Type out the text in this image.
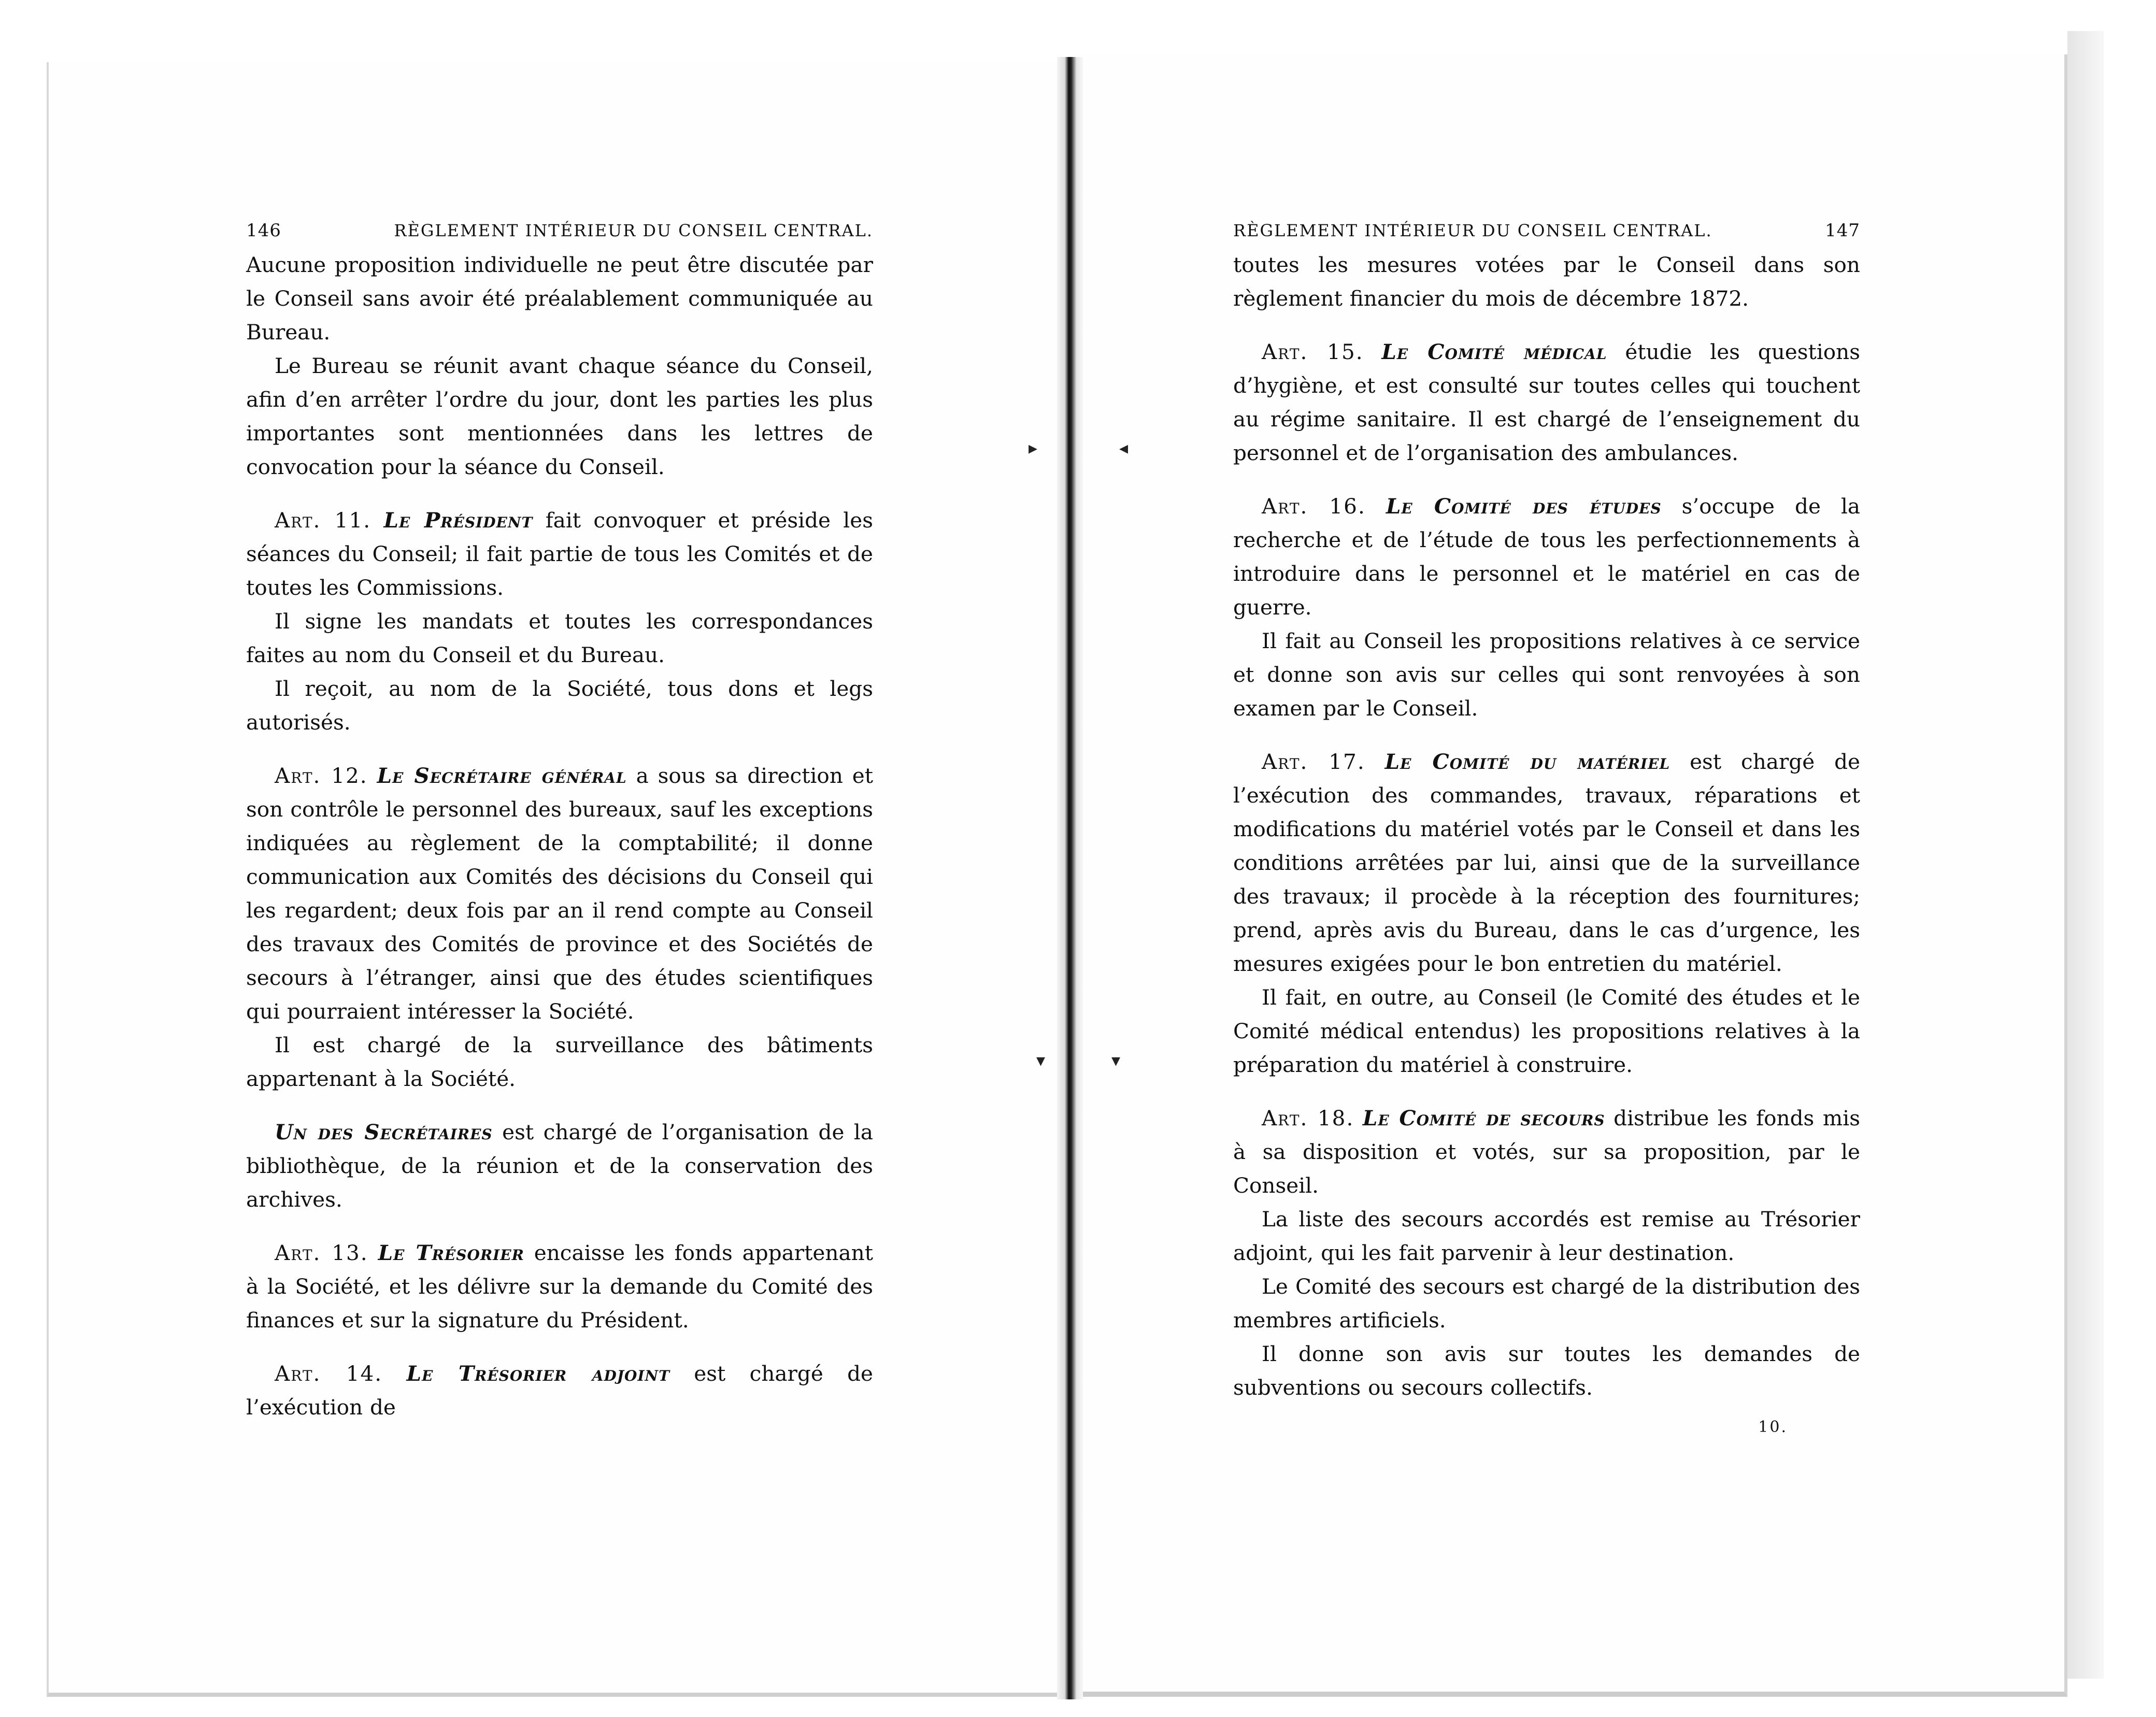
▸	◂
▾	▾
146	RÈGLEMENT INTÉRIEUR DU CONSEIL CENTRAL.

Aucune proposition individuelle ne peut être discutée par le Conseil sans avoir été préalablement communiquée au Bureau.

Le Bureau se réunit avant chaque séance du Conseil, afin d’en arrêter l’ordre du jour, dont les parties les plus importantes sont mentionnées dans les lettres de convocation pour la séance du Conseil.

Art. 11. Le Président fait convoquer et préside les séances du Conseil; il fait partie de tous les Comités et de toutes les Commissions.

Il signe les mandats et toutes les correspondances faites au nom du Conseil et du Bureau.

Il reçoit, au nom de la Société, tous dons et legs autorisés.

Art. 12. Le Secrétaire général a sous sa direction et son contrôle le personnel des bureaux, sauf les exceptions indiquées au règlement de la comptabilité; il donne communication aux Comités des décisions du Conseil qui les regardent; deux fois par an il rend compte au Conseil des travaux des Comités de province et des Sociétés de secours à l’étranger, ainsi que des études scientifiques qui pourraient intéresser la Société.

Il est chargé de la surveillance des bâtiments appartenant à la Société.

Un des Secrétaires est chargé de l’organisation de la bibliothèque, de la réunion et de la conservation des archives.

Art. 13. Le Trésorier encaisse les fonds appartenant à la Société, et les délivre sur la demande du Comité des finances et sur la signature du Président.

Art. 14. Le Trésorier adjoint est chargé de l’exécution de

RÈGLEMENT INTÉRIEUR DU CONSEIL CENTRAL.	147

toutes les mesures votées par le Conseil dans son règlement financier du mois de décembre 1872.

Art. 15. Le Comité médical étudie les questions d’hygiène, et est consulté sur toutes celles qui touchent au régime sanitaire. Il est chargé de l’enseignement du personnel et de l’organisation des ambulances.

Art. 16. Le Comité des études s’occupe de la recherche et de l’étude de tous les perfectionnements à introduire dans le personnel et le matériel en cas de guerre.

Il fait au Conseil les propositions relatives à ce service et donne son avis sur celles qui sont renvoyées à son examen par le Conseil.

Art. 17. Le Comité du matériel est chargé de l’exécution des commandes, travaux, réparations et modifications du matériel votés par le Conseil et dans les conditions arrêtées par lui, ainsi que de la surveillance des travaux; il procède à la réception des fournitures; prend, après avis du Bureau, dans le cas d’urgence, les mesures exigées pour le bon entretien du matériel.

Il fait, en outre, au Conseil (le Comité des études et le Comité médical entendus) les propositions relatives à la préparation du matériel à construire.

Art. 18. Le Comité de secours distribue les fonds mis à sa disposition et votés, sur sa proposition, par le Conseil.

La liste des secours accordés est remise au Trésorier adjoint, qui les fait parvenir à leur destination.

Le Comité des secours est chargé de la distribution des membres artificiels.

Il donne son avis sur toutes les demandes de subventions ou secours collectifs.

10.
